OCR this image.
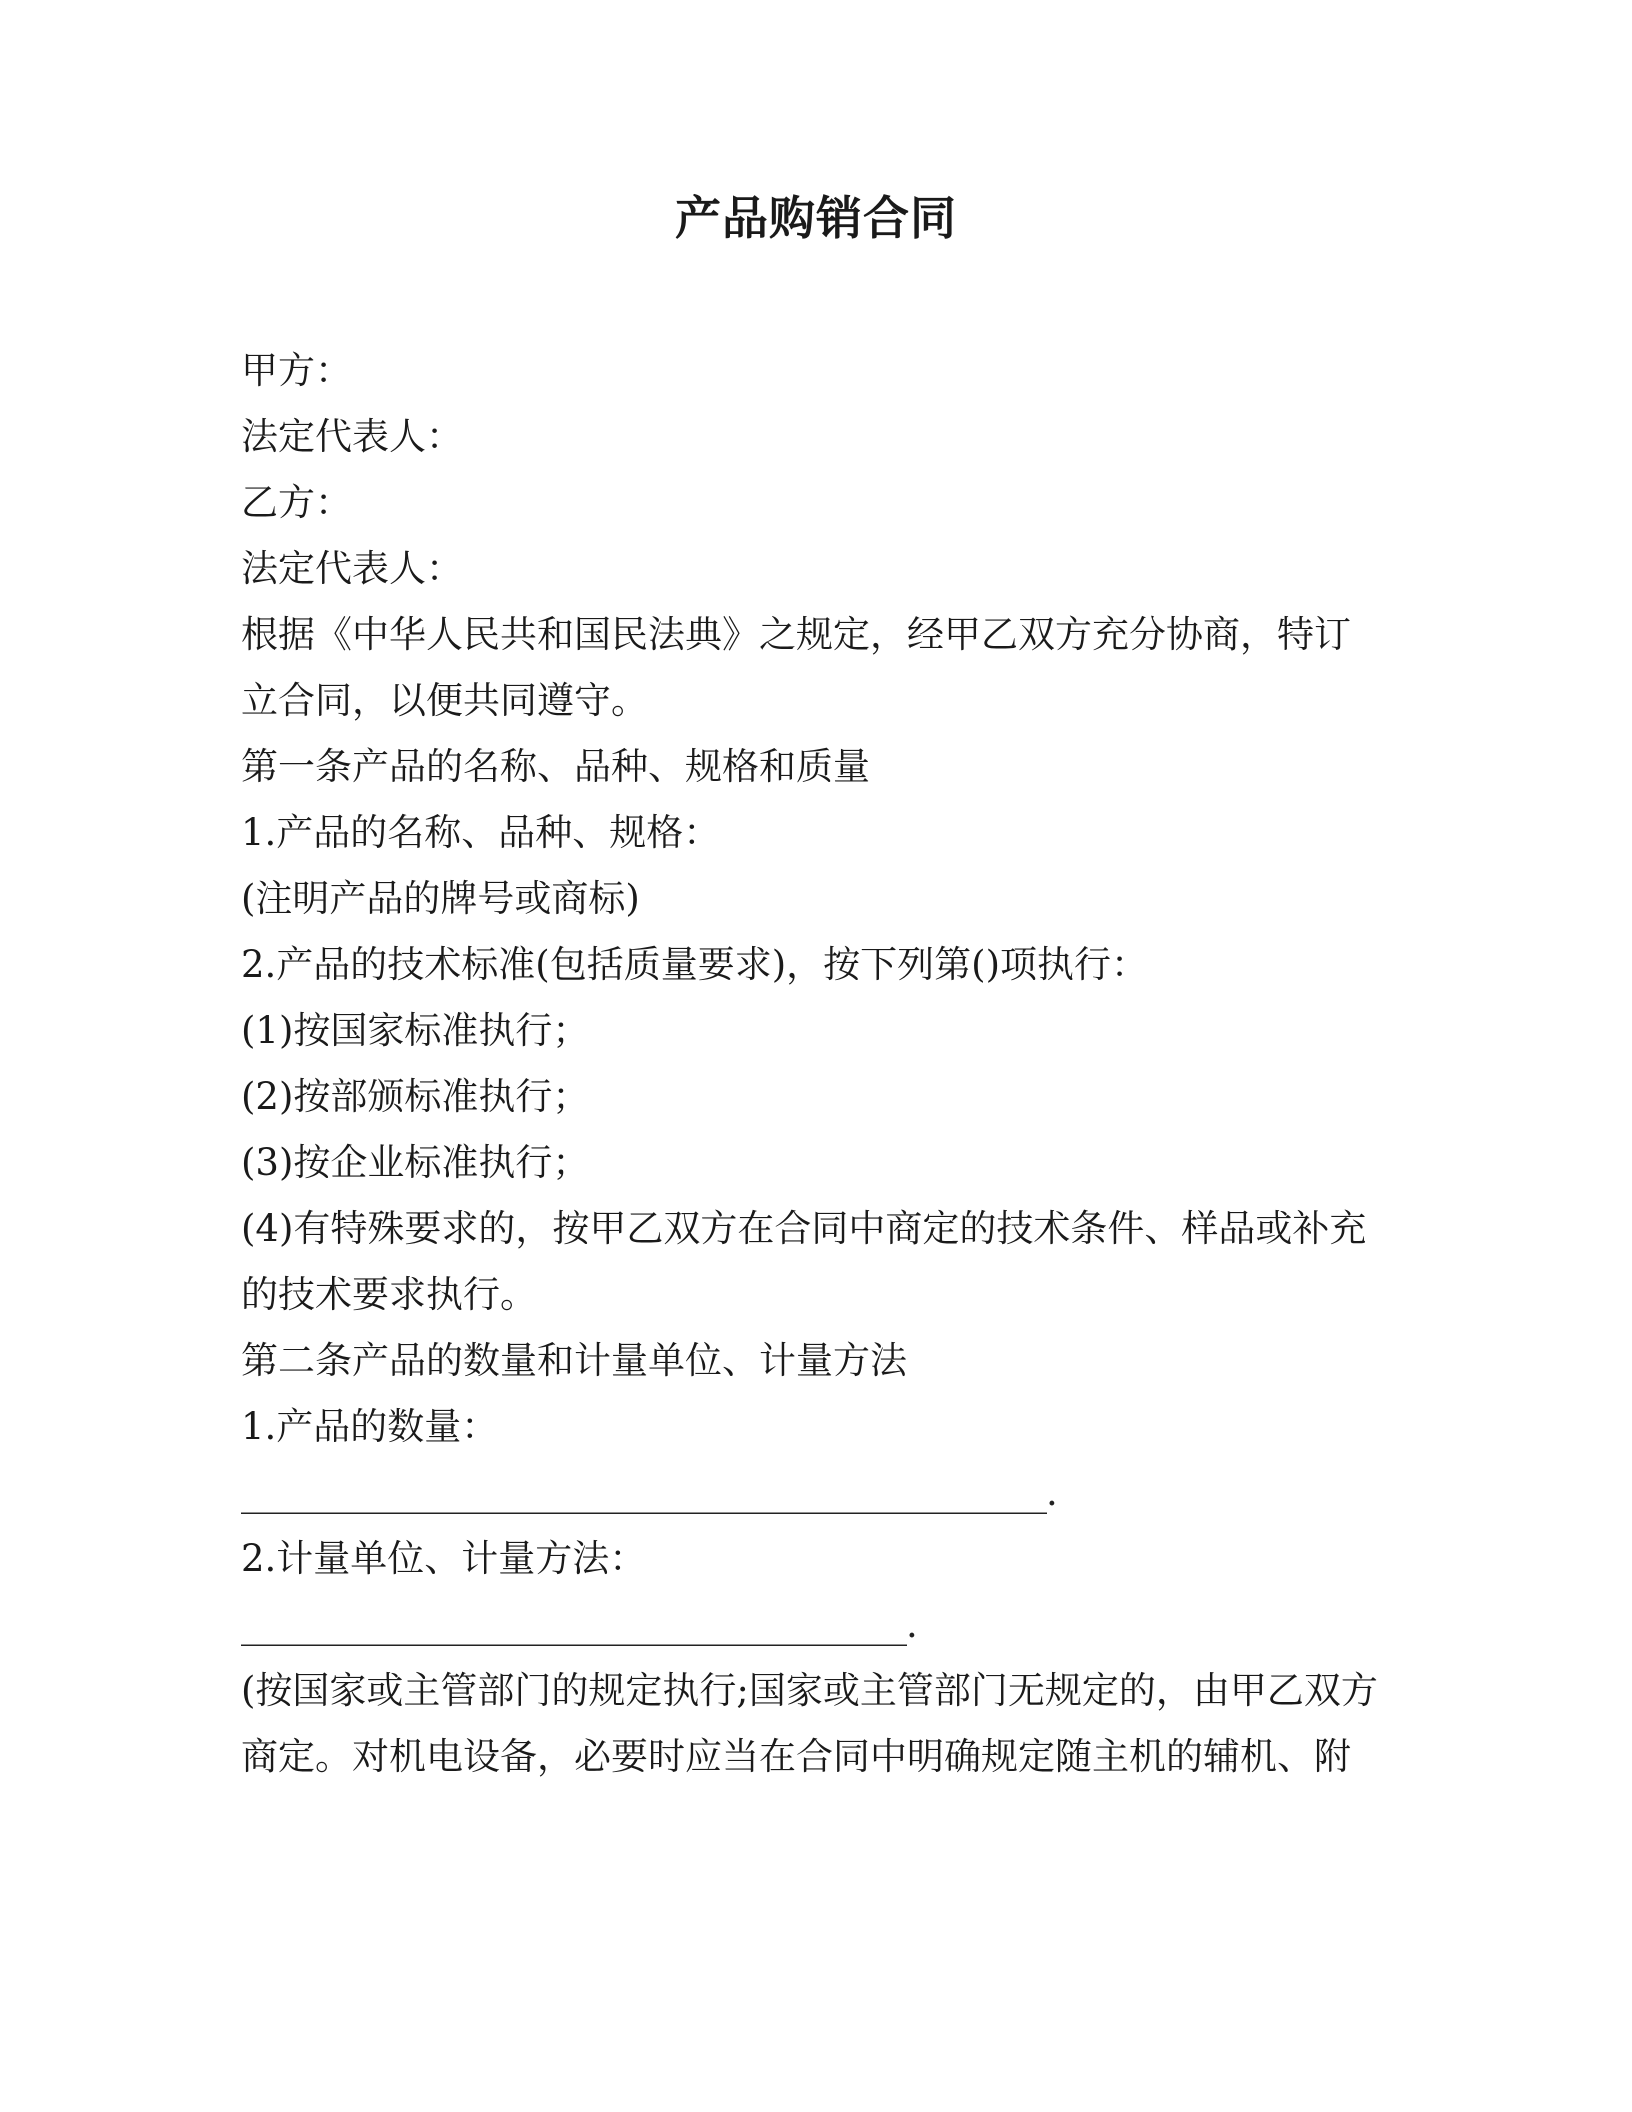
产品购销合同
甲方：
法定代表人：
乙方：
法定代表人：
根据《中华人民共和国民法典》之规定，经甲乙双方充分协商，特订
立合同，以便共同遵守。
第一条产品的名称、品种、规格和质量
1.产品的名称、品种、规格：
(注明产品的牌号或商标)
2.产品的技术标准(包括质量要求)，按下列第()项执行：
(1)按国家标准执行；
(2)按部颁标准执行；
(3)按企业标准执行；
(4)有特殊要求的，按甲乙双方在合同中商定的技术条件、样品或补充
的技术要求执行。
第二条产品的数量和计量单位、计量方法
1.产品的数量：
______________________________________________.
2.计量单位、计量方法：
______________________________________.
(按国家或主管部门的规定执行;国家或主管部门无规定的，由甲乙双方
商定。对机电设备，必要时应当在合同中明确规定随主机的辅机、附
